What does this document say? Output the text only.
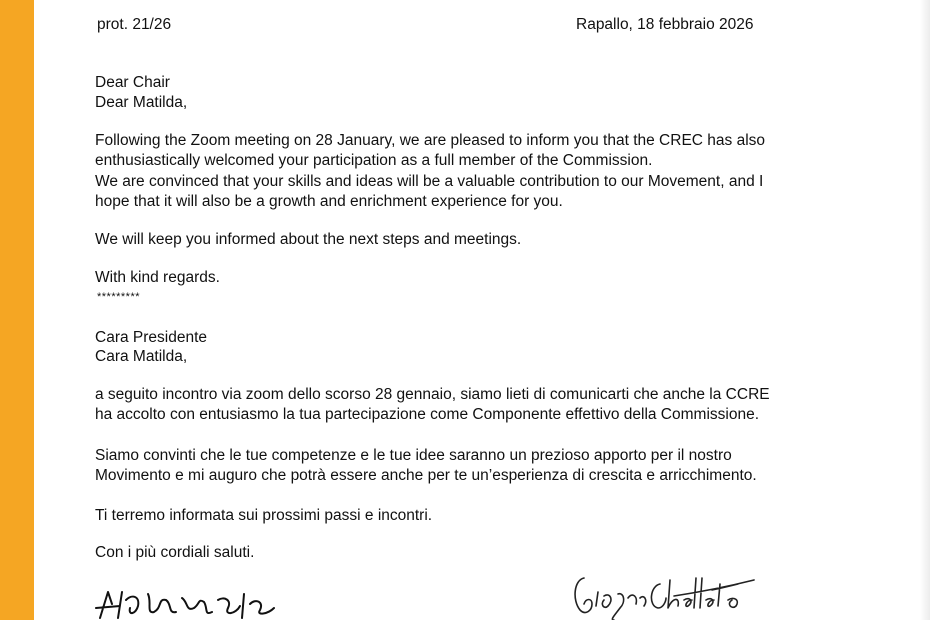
prot. 21/26	Rapallo, 18 febbraio 2026
Dear Chair
Dear Matilda,
Following the Zoom meeting on 28 January, we are pleased to inform you that the CREC has also
enthusiastically welcomed your participation as a full member of the Commission.
We are convinced that your skills and ideas will be a valuable contribution to our Movement, and I
hope that it will also be a growth and enrichment experience for you.
We will keep you informed about the next steps and meetings.
With kind regards.
*********
Cara Presidente
Cara Matilda,
a seguito incontro via zoom dello scorso 28 gennaio, siamo lieti di comunicarti che anche la CCRE
ha accolto con entusiasmo la tua partecipazione come Componente effettivo della Commissione.
Siamo convinti che le tue competenze e le tue idee saranno un prezioso apporto per il nostro
Movimento e mi auguro che potrà essere anche per te un’esperienza di crescita e arricchimento.
Ti terremo informata sui prossimi passi e incontri.
Con i più cordiali saluti.
